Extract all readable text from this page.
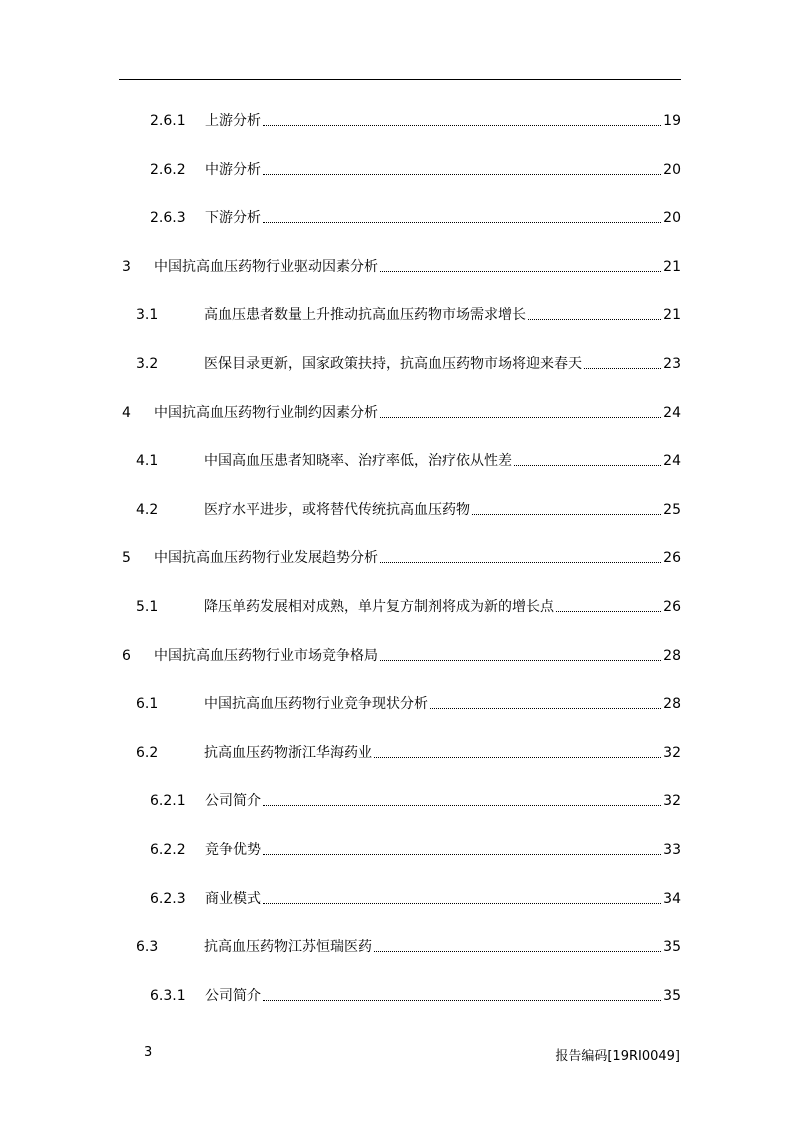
2.6.1	上游分析	19
2.6.2	中游分析	20
2.6.3	下游分析	20
3	中国抗高血压药物行业驱动因素分析	21
3.1	高血压患者数量上升推动抗高血压药物市场需求增长	21
3.2	医保目录更新，国家政策扶持，抗高血压药物市场将迎来春天	23
4	中国抗高血压药物行业制约因素分析	24
4.1	中国高血压患者知晓率、治疗率低，治疗依从性差	24
4.2	医疗水平进步，或将替代传统抗高血压药物	25
5	中国抗高血压药物行业发展趋势分析	26
5.1	降压单药发展相对成熟，单片复方制剂将成为新的增长点	26
6	中国抗高血压药物行业市场竞争格局	28
6.1	中国抗高血压药物行业竞争现状分析	28
6.2	抗高血压药物浙江华海药业	32
6.2.1	公司简介	32
6.2.2	竞争优势	33
6.2.3	商业模式	34
6.3	抗高血压药物江苏恒瑞医药	35
6.3.1	公司简介	35
3	报告编码[19RI0049]
